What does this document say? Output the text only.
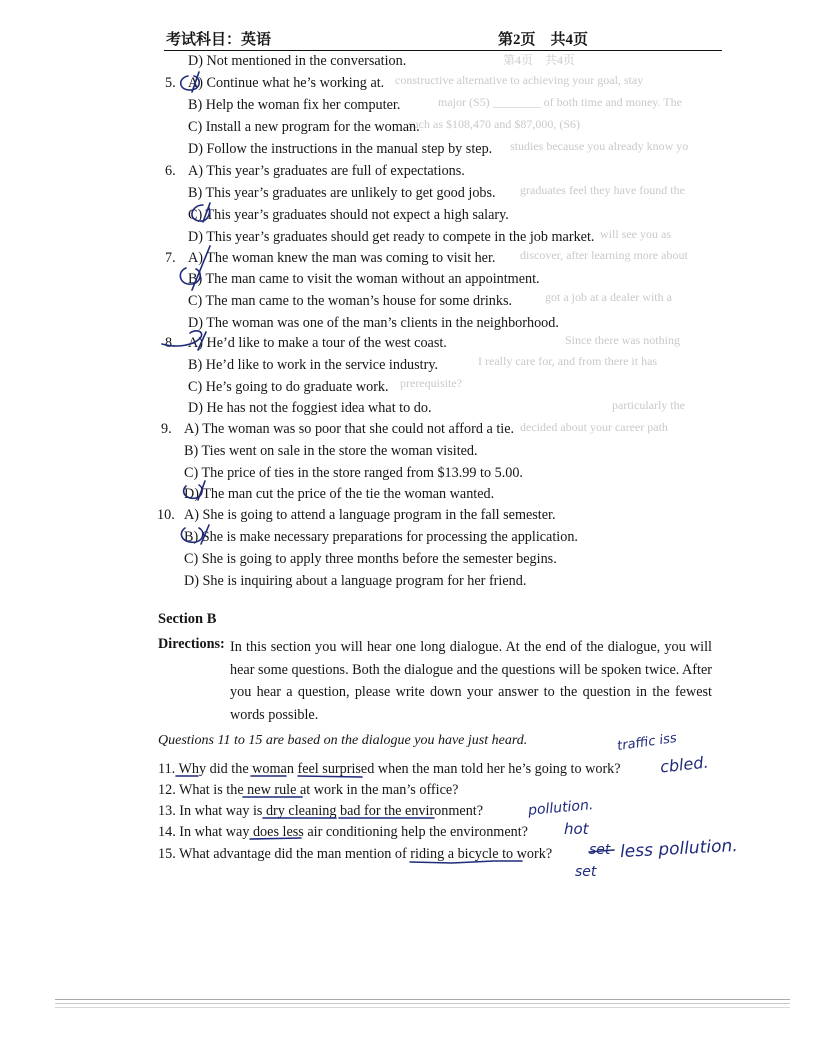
第4页　共4页
constructive alternative to achieving your goal, stay
major (S5) ________ of both time and money. The
such as $108,470 and $87,000, (S6)
studies because you already know yo
graduates feel they have found the
will see you as
discover, after learning more about
got a job at a dealer with a
Since there was nothing
I really care for, and from there it has
prerequisite?
particularly the
decided about your career path
考试科目：英语	第2页　共4页
D) Not mentioned in the conversation.
5. A) Continue what he’s working at.
B) Help the woman fix her computer.
C) Install a new program for the woman.
D) Follow the instructions in the manual step by step.
6. A) This year’s graduates are full of expectations.
B) This year’s graduates are unlikely to get good jobs.
C) This year’s graduates should not expect a high salary.
D) This year’s graduates should get ready to compete in the job market.
7. A) The woman knew the man was coming to visit her.
B) The man came to visit the woman without an appointment.
C) The man came to the woman’s house for some drinks.
D) The woman was one of the man’s clients in the neighborhood.
8. A) He’d like to make a tour of the west coast.
B) He’d like to work in the service industry.
C) He’s going to do graduate work.
D) He has not the foggiest idea what to do.
9. A) The woman was so poor that she could not afford a tie.
B) Ties went on sale in the store the woman visited.
C) The price of ties in the store ranged from $13.99 to 5.00.
D) The man cut the price of the tie the woman wanted.
10. A) She is going to attend a language program in the fall semester.
B) She is make necessary preparations for processing the application.
C) She is going to apply three months before the semester begins.
D) She is inquiring about a language program for her friend.
Section B
Directions: In this section you will hear one long dialogue. At the end of the dialogue, you will hear some questions. Both the dialogue and the questions will be spoken twice. After you hear a question, please write down your answer to the question in the fewest words possible.
Questions 11 to 15 are based on the dialogue you have just heard.
11. Why did the woman feel surprised when the man told her he’s going to work?
12. What is the new rule at work in the man’s office?
13. In what way is dry cleaning bad for the environment?
14. In what way does less air conditioning help the environment?
15. What advantage did the man mention of riding a bicycle to work?
traffic iss
cbled.
pollution.
hot
set less pollution.
set
